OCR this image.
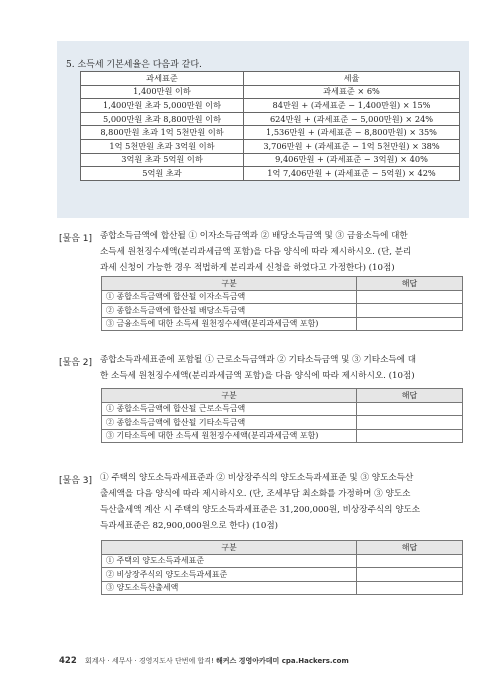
5. 소득세 기본세율은 다음과 같다.
과세표준	세율
1,400만원 이하	과세표준 × 6%
1,400만원 초과 5,000만원 이하	84만원 + (과세표준 − 1,400만원) × 15%
5,000만원 초과 8,800만원 이하	624만원 + (과세표준 − 5,000만원) × 24%
8,800만원 초과 1억 5천만원 이하	1,536만원 + (과세표준 − 8,800만원) × 35%
1억 5천만원 초과 3억원 이하	3,706만원 + (과세표준 − 1억 5천만원) × 38%
3억원 초과 5억원 이하	9,406만원 + (과세표준 − 3억원) × 40%
5억원 초과	1억 7,406만원 + (과세표준 − 5억원) × 42%
[물음 1] 종합소득금액에 합산될 ① 이자소득금액과 ② 배당소득금액 및 ③ 금융소득에 대한
소득세 원천징수세액(분리과세금액 포함)을 다음 양식에 따라 제시하시오. (단, 분리
과세 신청이 가능한 경우 적법하게 분리과세 신청을 하였다고 가정한다) (10점)
구분	해답
① 종합소득금액에 합산될 이자소득금액	
② 종합소득금액에 합산될 배당소득금액	
③ 금융소득에 대한 소득세 원천징수세액(분리과세금액 포함)	
[물음 2] 종합소득과세표준에 포함될 ① 근로소득금액과 ② 기타소득금액 및 ③ 기타소득에 대
한 소득세 원천징수세액(분리과세금액 포함)을 다음 양식에 따라 제시하시오. (10점)
구분	해답
① 종합소득금액에 합산될 근로소득금액	
② 종합소득금액에 합산될 기타소득금액	
③ 기타소득에 대한 소득세 원천징수세액(분리과세금액 포함)	
[물음 3] ① 주택의 양도소득과세표준과 ② 비상장주식의 양도소득과세표준 및 ③ 양도소득산
출세액을 다음 양식에 따라 제시하시오. (단, 조세부담 최소화를 가정하며 ③ 양도소
득산출세액 계산 시 주택의 양도소득과세표준은 31,200,000원, 비상장주식의 양도소
득과세표준은 82,900,000원으로 한다) (10점)
구분	해답
① 주택의 양도소득과세표준	
② 비상장주식의 양도소득과세표준	
③ 양도소득산출세액	
422 회계사 · 세무사 · 경영지도사 단번에 합격! 해커스 경영아카데미 cpa.Hackers.com
